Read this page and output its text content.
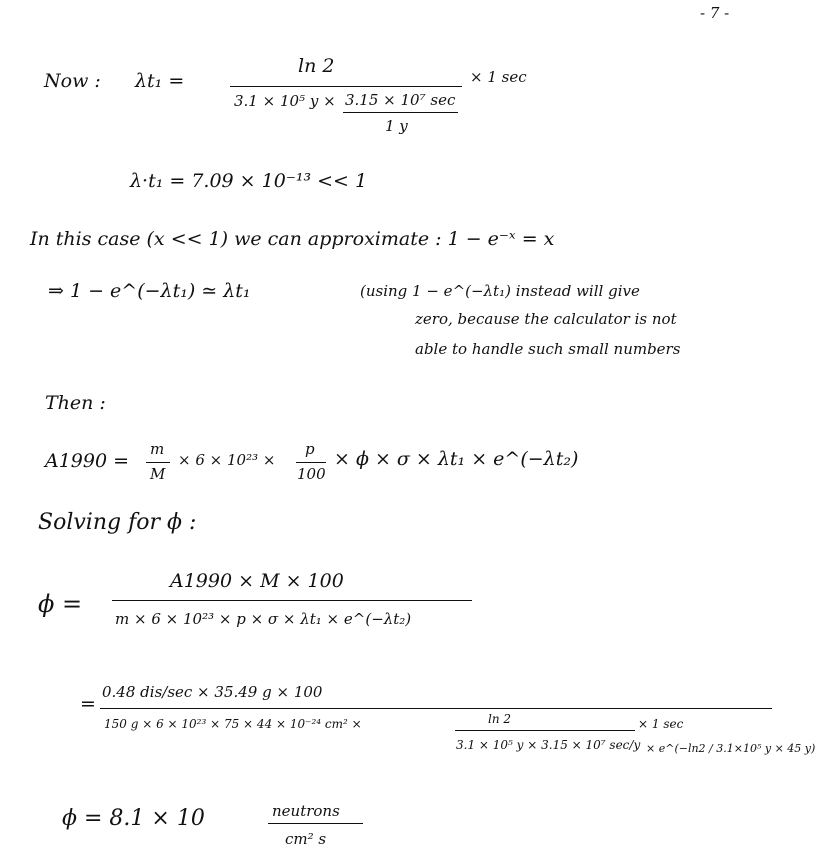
- 7 -
Now : λt₁ =
ln 2
3.1 × 10⁵ y × 3.15 × 10⁷ sec
1 y
× 1 sec
λ·t₁ = 7.09 × 10⁻¹³ << 1
In this case (x << 1) we can approximate : 1 − e⁻ˣ = x
⇒ 1 − e^(−λt₁) ≃ λt₁	(using 1 − e^(−λt₁) instead will give
zero, because the calculator is not
able to handle such small numbers
Then :
A1990 =
m
M
× 6 × 10²³ ×
p
100
× ϕ × σ × λt₁ × e^(−λt₂)
Solving for ϕ :
ϕ =
A1990 × M × 100
m × 6 × 10²³ × p × σ × λt₁ × e^(−λt₂)
=
0.48 dis/sec × 35.49 g × 100
150 g × 6 × 10²³ × 75 × 44 × 10⁻²⁴ cm² ×	ln 2
3.1 × 10⁵ y × 3.15 × 10⁷ sec/y
× 1 sec
× e^(−ln2 / 3.1×10⁵ y × 45 y)
ϕ = 8.1 × 10	neutrons
cm² s
